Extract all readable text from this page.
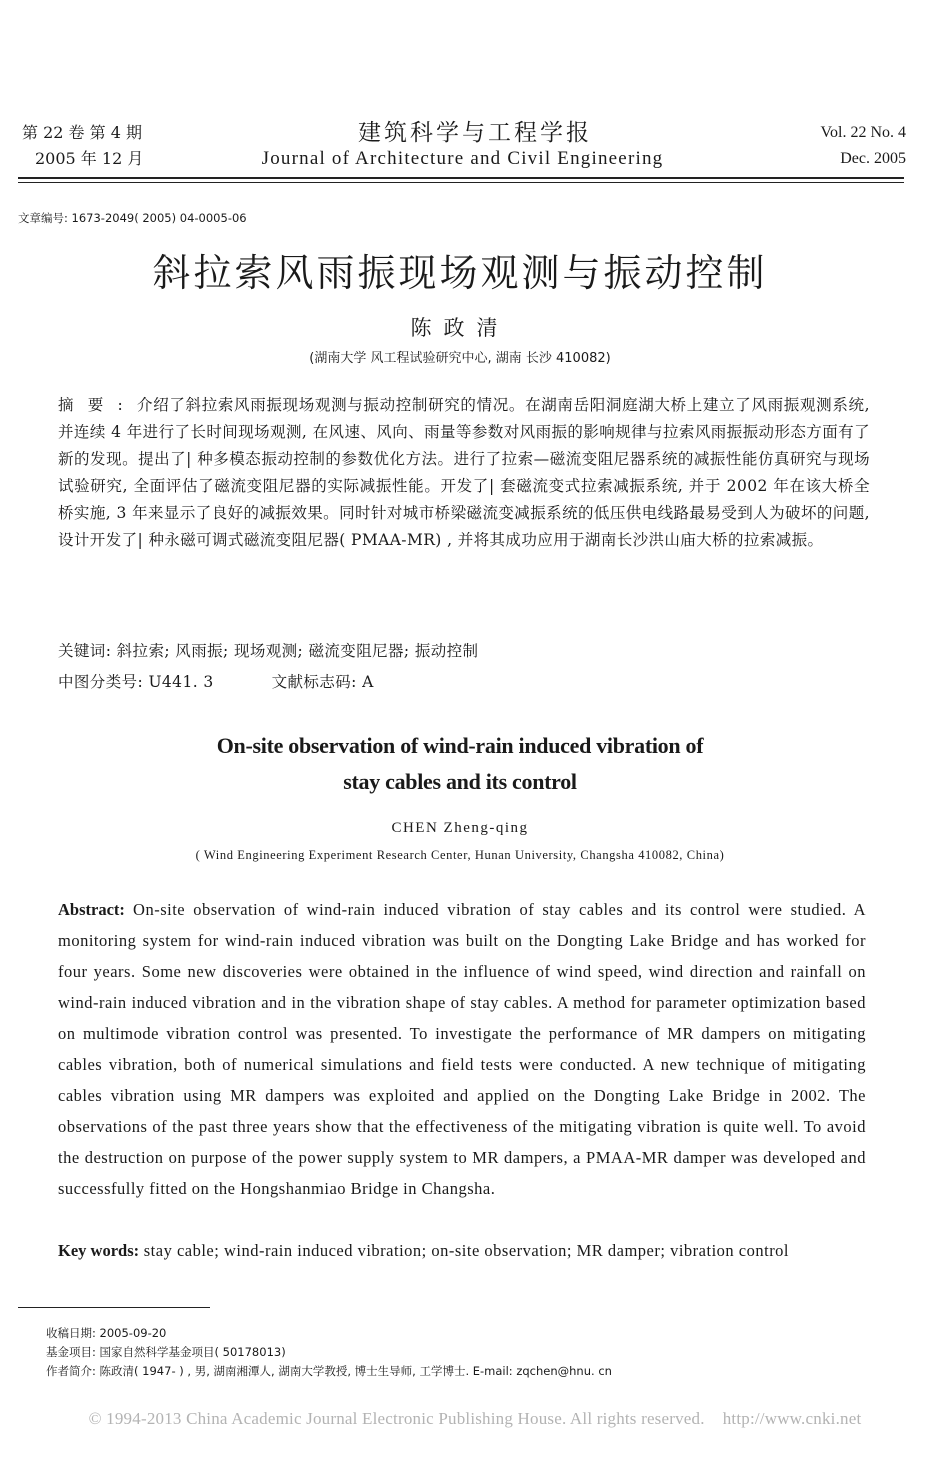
第 22 卷 第 4 期
2005 年 12 月
建筑科学与工程学报
Journal of Architecture and Civil Engineering
Vol. 22 No. 4
Dec. 2005
文章编号: 1673-2049( 2005) 04-0005-06
斜拉索风雨振现场观测与振动控制
陈政清
(湖南大学 风工程试验研究中心, 湖南 长沙 410082)
摘要:介绍了斜拉索风雨振现场观测与振动控制研究的情况。在湖南岳阳洞庭湖大桥上建立了风雨振观测系统, 并连续 4 年进行了长时间现场观测, 在风速、风向、雨量等参数对风雨振的影响规律与拉索风雨振振动形态方面有了新的发现。提出了| 种多模态振动控制的参数优化方法。进行了拉索—磁流变阻尼器系统的减振性能仿真研究与现场试验研究, 全面评估了磁流变阻尼器的实际减振性能。开发了| 套磁流变式拉索减振系统, 并于 2002 年在该大桥全桥实施, 3 年来显示了良好的减振效果。同时针对城市桥梁磁流变减振系统的低压供电线路最易受到人为破坏的问题, 设计开发了| 种永磁可调式磁流变阻尼器( PMAA-MR) , 并将其成功应用于湖南长沙洪山庙大桥的拉索减振。
关键词: 斜拉索; 风雨振; 现场观测; 磁流变阻尼器; 振动控制
中图分类号: U441. 3	文献标志码: A
On-site observation of wind-rain induced vibration of
stay cables and its control
CHEN Zheng-qing
( Wind Engineering Experiment Research Center, Hunan University, Changsha 410082, China)
Abstract: On-site observation of wind-rain induced vibration of stay cables and its control were studied. A monitoring system for wind-rain induced vibration was built on the Dongting Lake Bridge and has worked for four years. Some new discoveries were obtained in the influence of wind speed, wind direction and rainfall on wind-rain induced vibration and in the vibration shape of stay cables. A method for parameter optimization based on multimode vibration control was presented. To investigate the performance of MR dampers on mitigating cables vibration, both of numerical simulations and field tests were conducted. A new technique of mitigating cables vibration using MR dampers was exploited and applied on the Dongting Lake Bridge in 2002. The observations of the past three years show that the effectiveness of the mitigating vibration is quite well. To avoid the destruction on purpose of the power supply system to MR dampers, a PMAA-MR damper was developed and successfully fitted on the Hongshanmiao Bridge in Changsha.
Key words: stay cable; wind-rain induced vibration; on-site observation; MR damper; vibration control
收稿日期: 2005-09-20
基金项目: 国家自然科学基金项目( 50178013)
作者简介: 陈政清( 1947- ) , 男, 湖南湘潭人, 湖南大学教授, 博士生导师, 工学博士. E-mail: zqchen@hnu. cn
© 1994-2013 China Academic Journal Electronic Publishing House. All rights reserved. http://www.cnki.net
